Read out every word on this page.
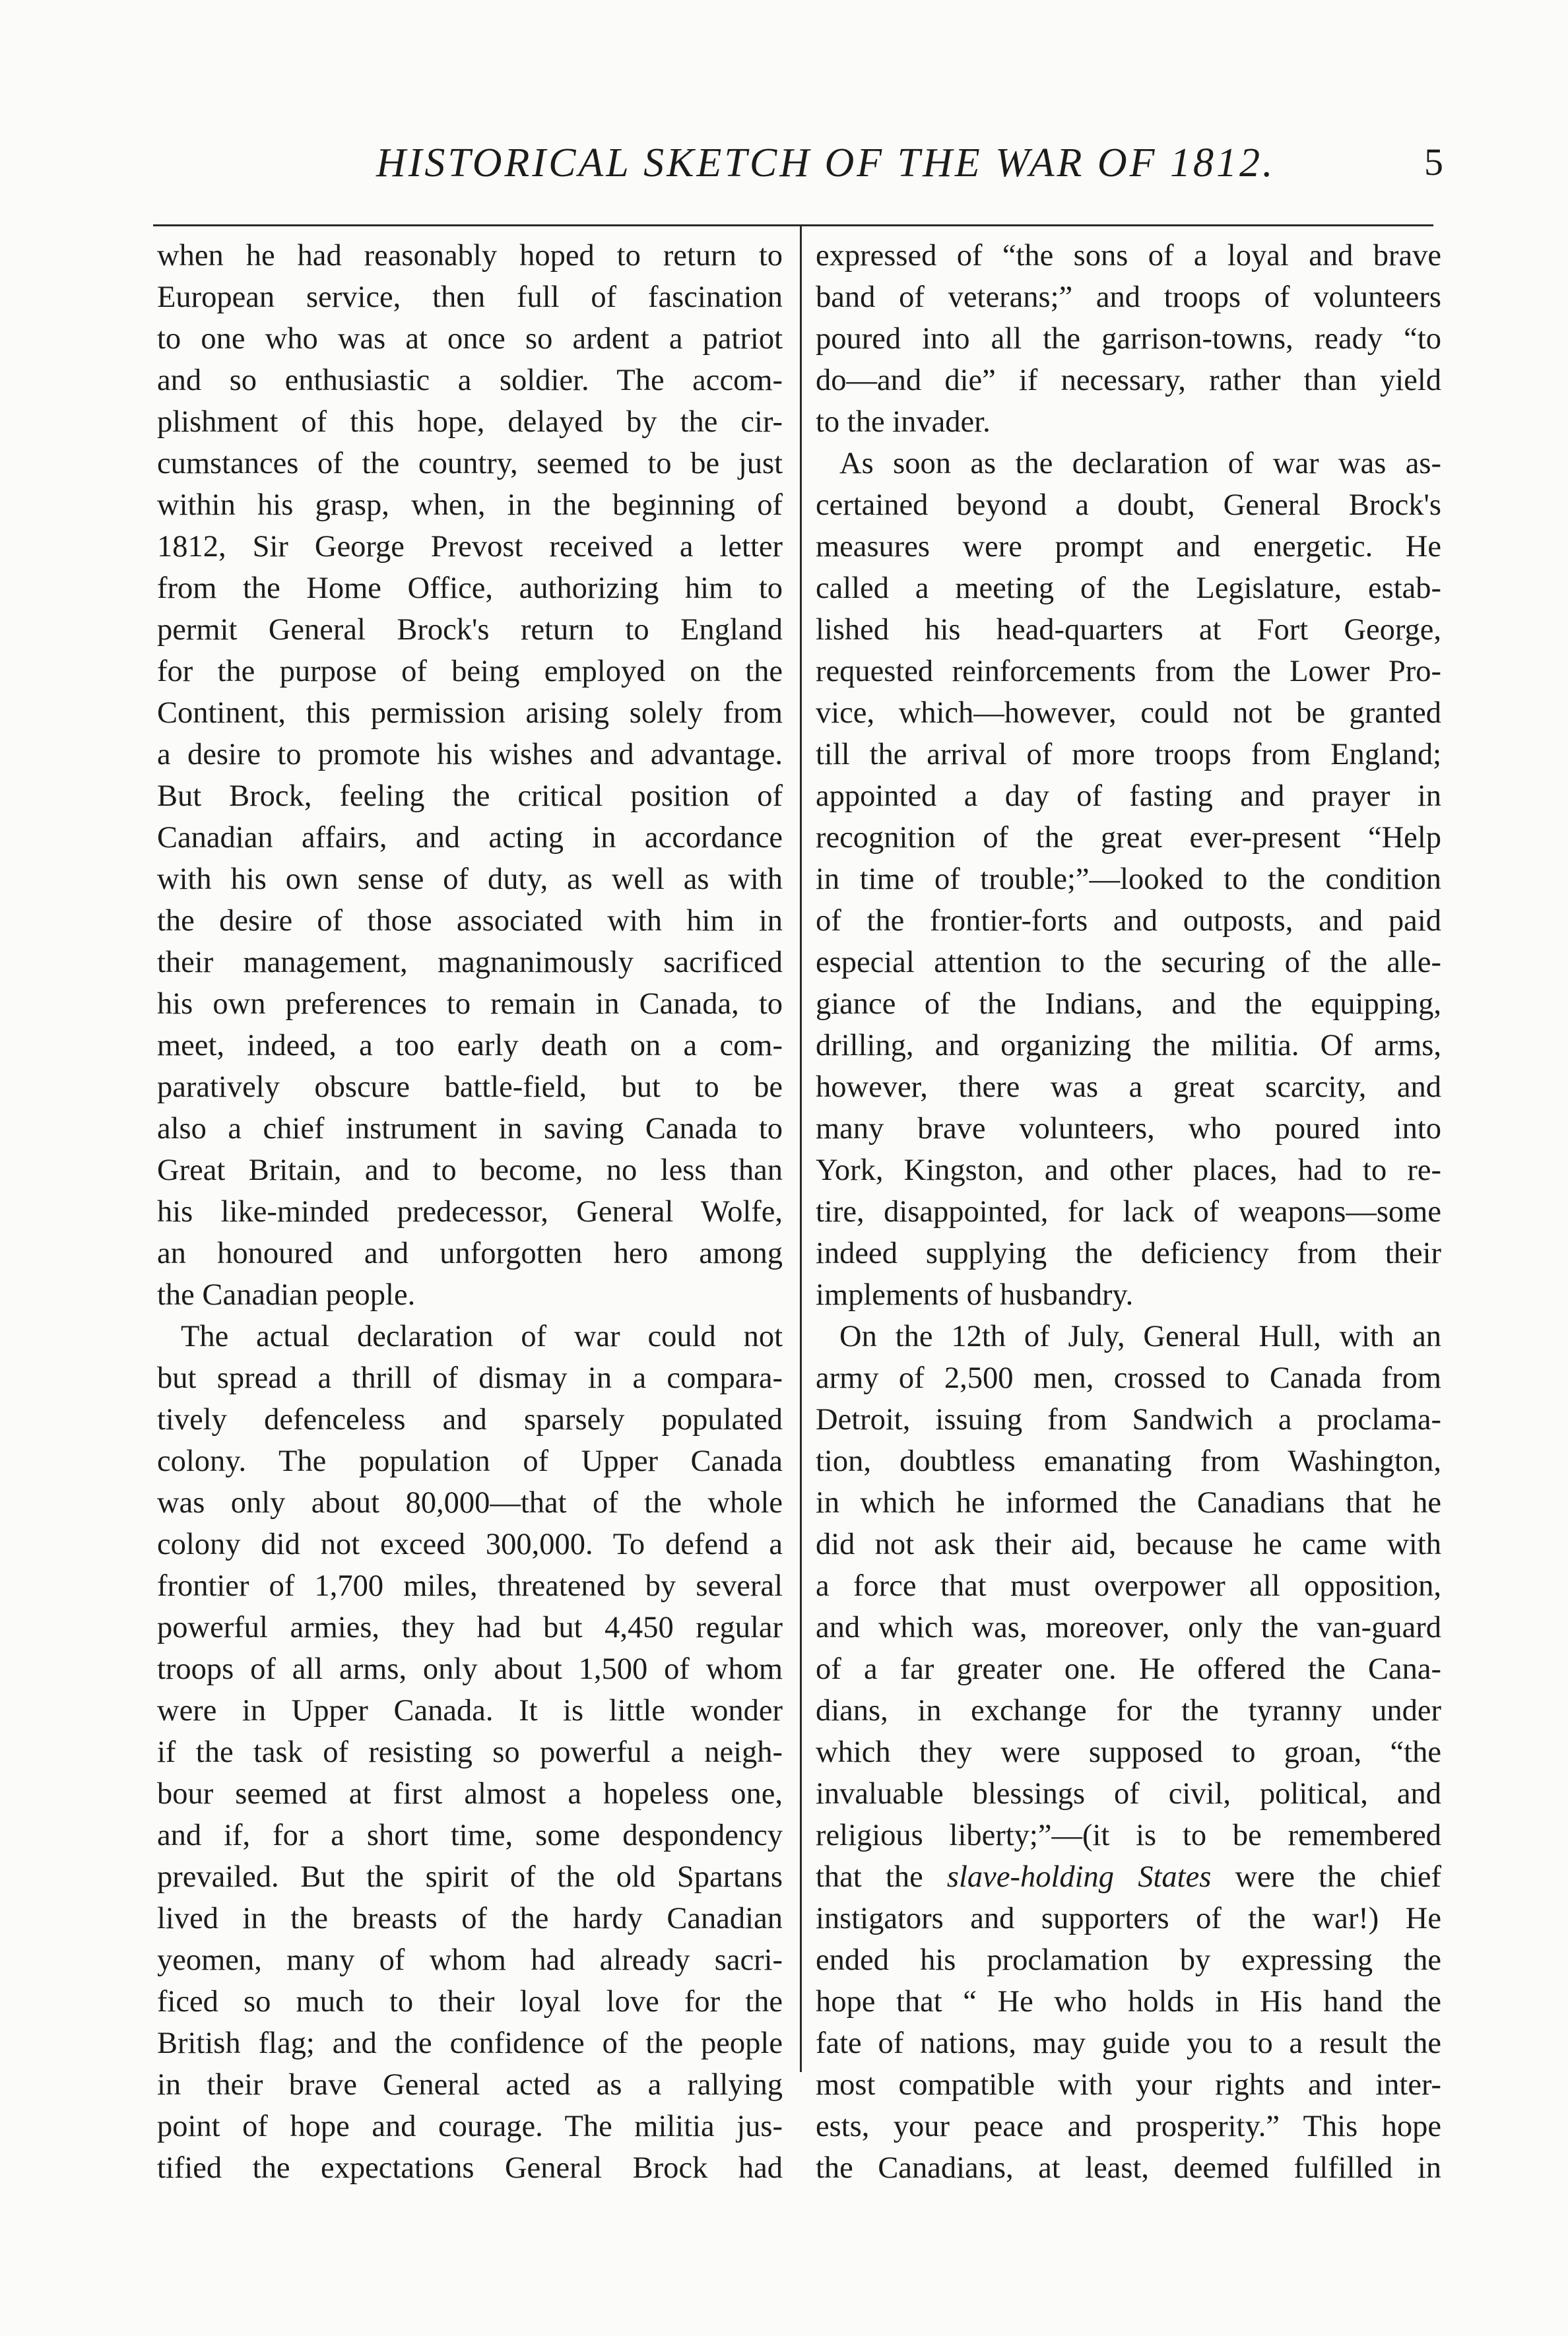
HISTORICAL SKETCH OF THE WAR OF 1812.	5
when he had reasonably hoped to return to
European service, then full of fascination
to one who was at once so ardent a patriot
and so enthusiastic a soldier. The accom-
plishment of this hope, delayed by the cir-
cumstances of the country, seemed to be just
within his grasp, when, in the beginning of
1812, Sir George Prevost received a letter
from the Home Office, authorizing him to
permit General Brock's return to England
for the purpose of being employed on the
Continent, this permission arising solely from
a desire to promote his wishes and advantage.
But Brock, feeling the critical position of
Canadian affairs, and acting in accordance
with his own sense of duty, as well as with
the desire of those associated with him in
their management, magnanimously sacrificed
his own preferences to remain in Canada, to
meet, indeed, a too early death on a com-
paratively obscure battle-field, but to be
also a chief instrument in saving Canada to
Great Britain, and to become, no less than
his like-minded predecessor, General Wolfe,
an honoured and unforgotten hero among
the Canadian people.
The actual declaration of war could not
but spread a thrill of dismay in a compara-
tively defenceless and sparsely populated
colony. The population of Upper Canada
was only about 80,000—that of the whole
colony did not exceed 300,000. To defend a
frontier of 1,700 miles, threatened by several
powerful armies, they had but 4,450 regular
troops of all arms, only about 1,500 of whom
were in Upper Canada. It is little wonder
if the task of resisting so powerful a neigh-
bour seemed at first almost a hopeless one,
and if, for a short time, some despondency
prevailed. But the spirit of the old Spartans
lived in the breasts of the hardy Canadian
yeomen, many of whom had already sacri-
ficed so much to their loyal love for the
British flag; and the confidence of the people
in their brave General acted as a rallying
point of hope and courage. The militia jus-
tified the expectations General Brock had
expressed of “the sons of a loyal and brave
band of veterans;” and troops of volunteers
poured into all the garrison-towns, ready “to
do—and die” if necessary, rather than yield
to the invader.
As soon as the declaration of war was as-
certained beyond a doubt, General Brock's
measures were prompt and energetic. He
called a meeting of the Legislature, estab-
lished his head-quarters at Fort George,
requested reinforcements from the Lower Pro-
vice, which—however, could not be granted
till the arrival of more troops from England;
appointed a day of fasting and prayer in
recognition of the great ever-present “Help
in time of trouble;”—looked to the condition
of the frontier-forts and outposts, and paid
especial attention to the securing of the alle-
giance of the Indians, and the equipping,
drilling, and organizing the militia. Of arms,
however, there was a great scarcity, and
many brave volunteers, who poured into
York, Kingston, and other places, had to re-
tire, disappointed, for lack of weapons—some
indeed supplying the deficiency from their
implements of husbandry.
On the 12th of July, General Hull, with an
army of 2,500 men, crossed to Canada from
Detroit, issuing from Sandwich a proclama-
tion, doubtless emanating from Washington,
in which he informed the Canadians that he
did not ask their aid, because he came with
a force that must overpower all opposition,
and which was, moreover, only the van-guard
of a far greater one. He offered the Cana-
dians, in exchange for the tyranny under
which they were supposed to groan, “the
invaluable blessings of civil, political, and
religious liberty;”—(it is to be remembered
that the slave-holding States were the chief
instigators and supporters of the war!) He
ended his proclamation by expressing the
hope that “ He who holds in His hand the
fate of nations, may guide you to a result the
most compatible with your rights and inter-
ests, your peace and prosperity.” This hope
the Canadians, at least, deemed fulfilled in
